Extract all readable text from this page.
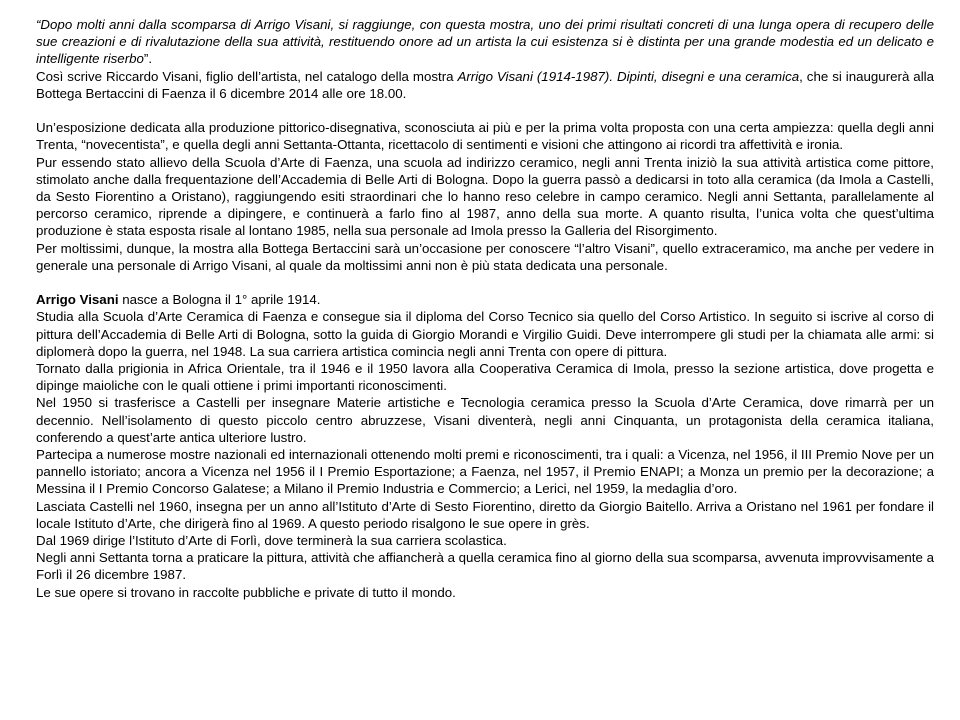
“Dopo molti anni dalla scomparsa di Arrigo Visani, si raggiunge, con questa mostra, uno dei primi risultati concreti di una lunga opera di recupero delle sue creazioni e di rivalutazione della sua attività, restituendo onore ad un artista la cui esistenza si è distinta per una grande modestia ed un delicato e intelligente riserbo”.

Così scrive Riccardo Visani, figlio dell’artista, nel catalogo della mostra Arrigo Visani (1914-1987). Dipinti, disegni e una ceramica, che si inaugurerà alla Bottega Bertaccini di Faenza il 6 dicembre 2014 alle ore 18.00.

Un’esposizione dedicata alla produzione pittorico-disegnativa, sconosciuta ai più e per la prima volta proposta con una certa ampiezza: quella degli anni Trenta, “novecentista”, e quella degli anni Settanta-Ottanta, ricettacolo di sentimenti e visioni che attingono ai ricordi tra affettività e ironia.

Pur essendo stato allievo della Scuola d’Arte di Faenza, una scuola ad indirizzo ceramico, negli anni Trenta iniziò la sua attività artistica come pittore, stimolato anche dalla frequentazione dell’Accademia di Belle Arti di Bologna. Dopo la guerra passò a dedicarsi in toto alla ceramica (da Imola a Castelli, da Sesto Fiorentino a Oristano), raggiungendo esiti straordinari che lo hanno reso celebre in campo ceramico. Negli anni Settanta, parallelamente al percorso ceramico, riprende a dipingere, e continuerà a farlo fino al 1987, anno della sua morte. A quanto risulta, l’unica volta che quest’ultima produzione è stata esposta risale al lontano 1985, nella sua personale ad Imola presso la Galleria del Risorgimento.

Per moltissimi, dunque, la mostra alla Bottega Bertaccini sarà un’occasione per conoscere “l’altro Visani”, quello extraceramico, ma anche per vedere in generale una personale di Arrigo Visani, al quale da moltissimi anni non è più stata dedicata una personale.

Arrigo Visani nasce a Bologna il 1° aprile 1914.

Studia alla Scuola d’Arte Ceramica di Faenza e consegue sia il diploma del Corso Tecnico sia quello del Corso Artistico. In seguito si iscrive al corso di pittura dell’Accademia di Belle Arti di Bologna, sotto la guida di Giorgio Morandi e Virgilio Guidi. Deve interrompere gli studi per la chiamata alle armi: si diplomerà dopo la guerra, nel 1948. La sua carriera artistica comincia negli anni Trenta con opere di pittura.

Tornato dalla prigionia in Africa Orientale, tra il 1946 e il 1950 lavora alla Cooperativa Ceramica di Imola, presso la sezione artistica, dove progetta e dipinge maioliche con le quali ottiene i primi importanti riconoscimenti.

Nel 1950 si trasferisce a Castelli per insegnare Materie artistiche e Tecnologia ceramica presso la Scuola d’Arte Ceramica, dove rimarrà per un decennio. Nell’isolamento di questo piccolo centro abruzzese, Visani diventerà, negli anni Cinquanta, un protagonista della ceramica italiana, conferendo a quest’arte antica ulteriore lustro.

Partecipa a numerose mostre nazionali ed internazionali ottenendo molti premi e riconoscimenti, tra i quali: a Vicenza, nel 1956, il III Premio Nove per un pannello istoriato; ancora a Vicenza nel 1956 il I Premio Esportazione; a Faenza, nel 1957, il Premio ENAPI; a Monza un premio per la decorazione; a Messina il I Premio Concorso Galatese; a Milano il Premio Industria e Commercio; a Lerici, nel 1959, la medaglia d’oro.

Lasciata Castelli nel 1960, insegna per un anno all’Istituto d’Arte di Sesto Fiorentino, diretto da Giorgio Baitello. Arriva a Oristano nel 1961 per fondare il locale Istituto d’Arte, che dirigerà fino al 1969. A questo periodo risalgono le sue opere in grès.

Dal 1969 dirige l’Istituto d’Arte di Forlì, dove terminerà la sua carriera scolastica.

Negli anni Settanta torna a praticare la pittura, attività che affiancherà a quella ceramica fino al giorno della sua scomparsa, avvenuta improvvisamente a Forlì il 26 dicembre 1987.

Le sue opere si trovano in raccolte pubbliche e private di tutto il mondo.
